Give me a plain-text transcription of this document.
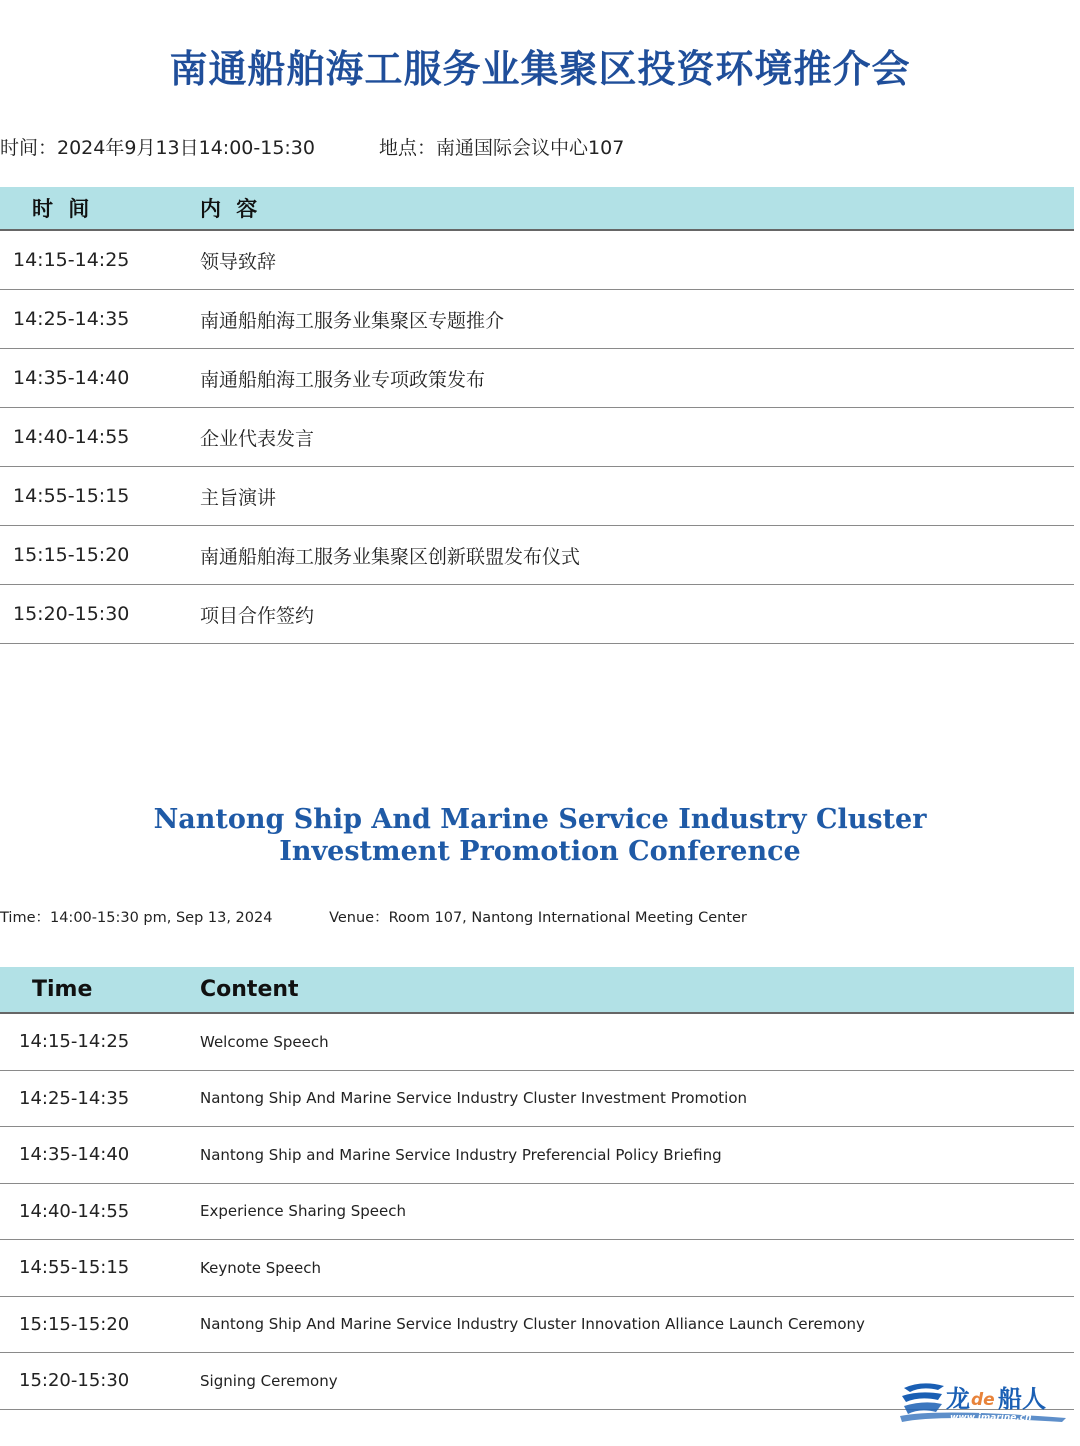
南通船舶海工服务业集聚区投资环境推介会
时间：2024年9月13日14:00-15:30	地点：南通国际会议中心107
时 间	内 容
14:15-14:25	领导致辞
14:25-14:35	南通船舶海工服务业集聚区专题推介
14:35-14:40	南通船舶海工服务业专项政策发布
14:40-14:55	企业代表发言
14:55-15:15	主旨演讲
15:15-15:20	南通船舶海工服务业集聚区创新联盟发布仪式
15:20-15:30	项目合作签约
Nantong Ship And Marine Service Industry Cluster
Investment Promotion Conference
Time：14:00-15:30 pm, Sep 13, 2024	Venue：Room 107, Nantong International Meeting Center
Time	Content
14:15-14:25	Welcome Speech
14:25-14:35	Nantong Ship And Marine Service Industry Cluster Investment Promotion
14:35-14:40	Nantong Ship and Marine Service Industry Preferencial Policy Briefing
14:40-14:55	Experience Sharing Speech
14:55-15:15	Keynote Speech
15:15-15:20	Nantong Ship And Marine Service Industry Cluster Innovation Alliance Launch Ceremony
15:20-15:30	Signing Ceremony
龙 de 船人
www.imarine.cn
